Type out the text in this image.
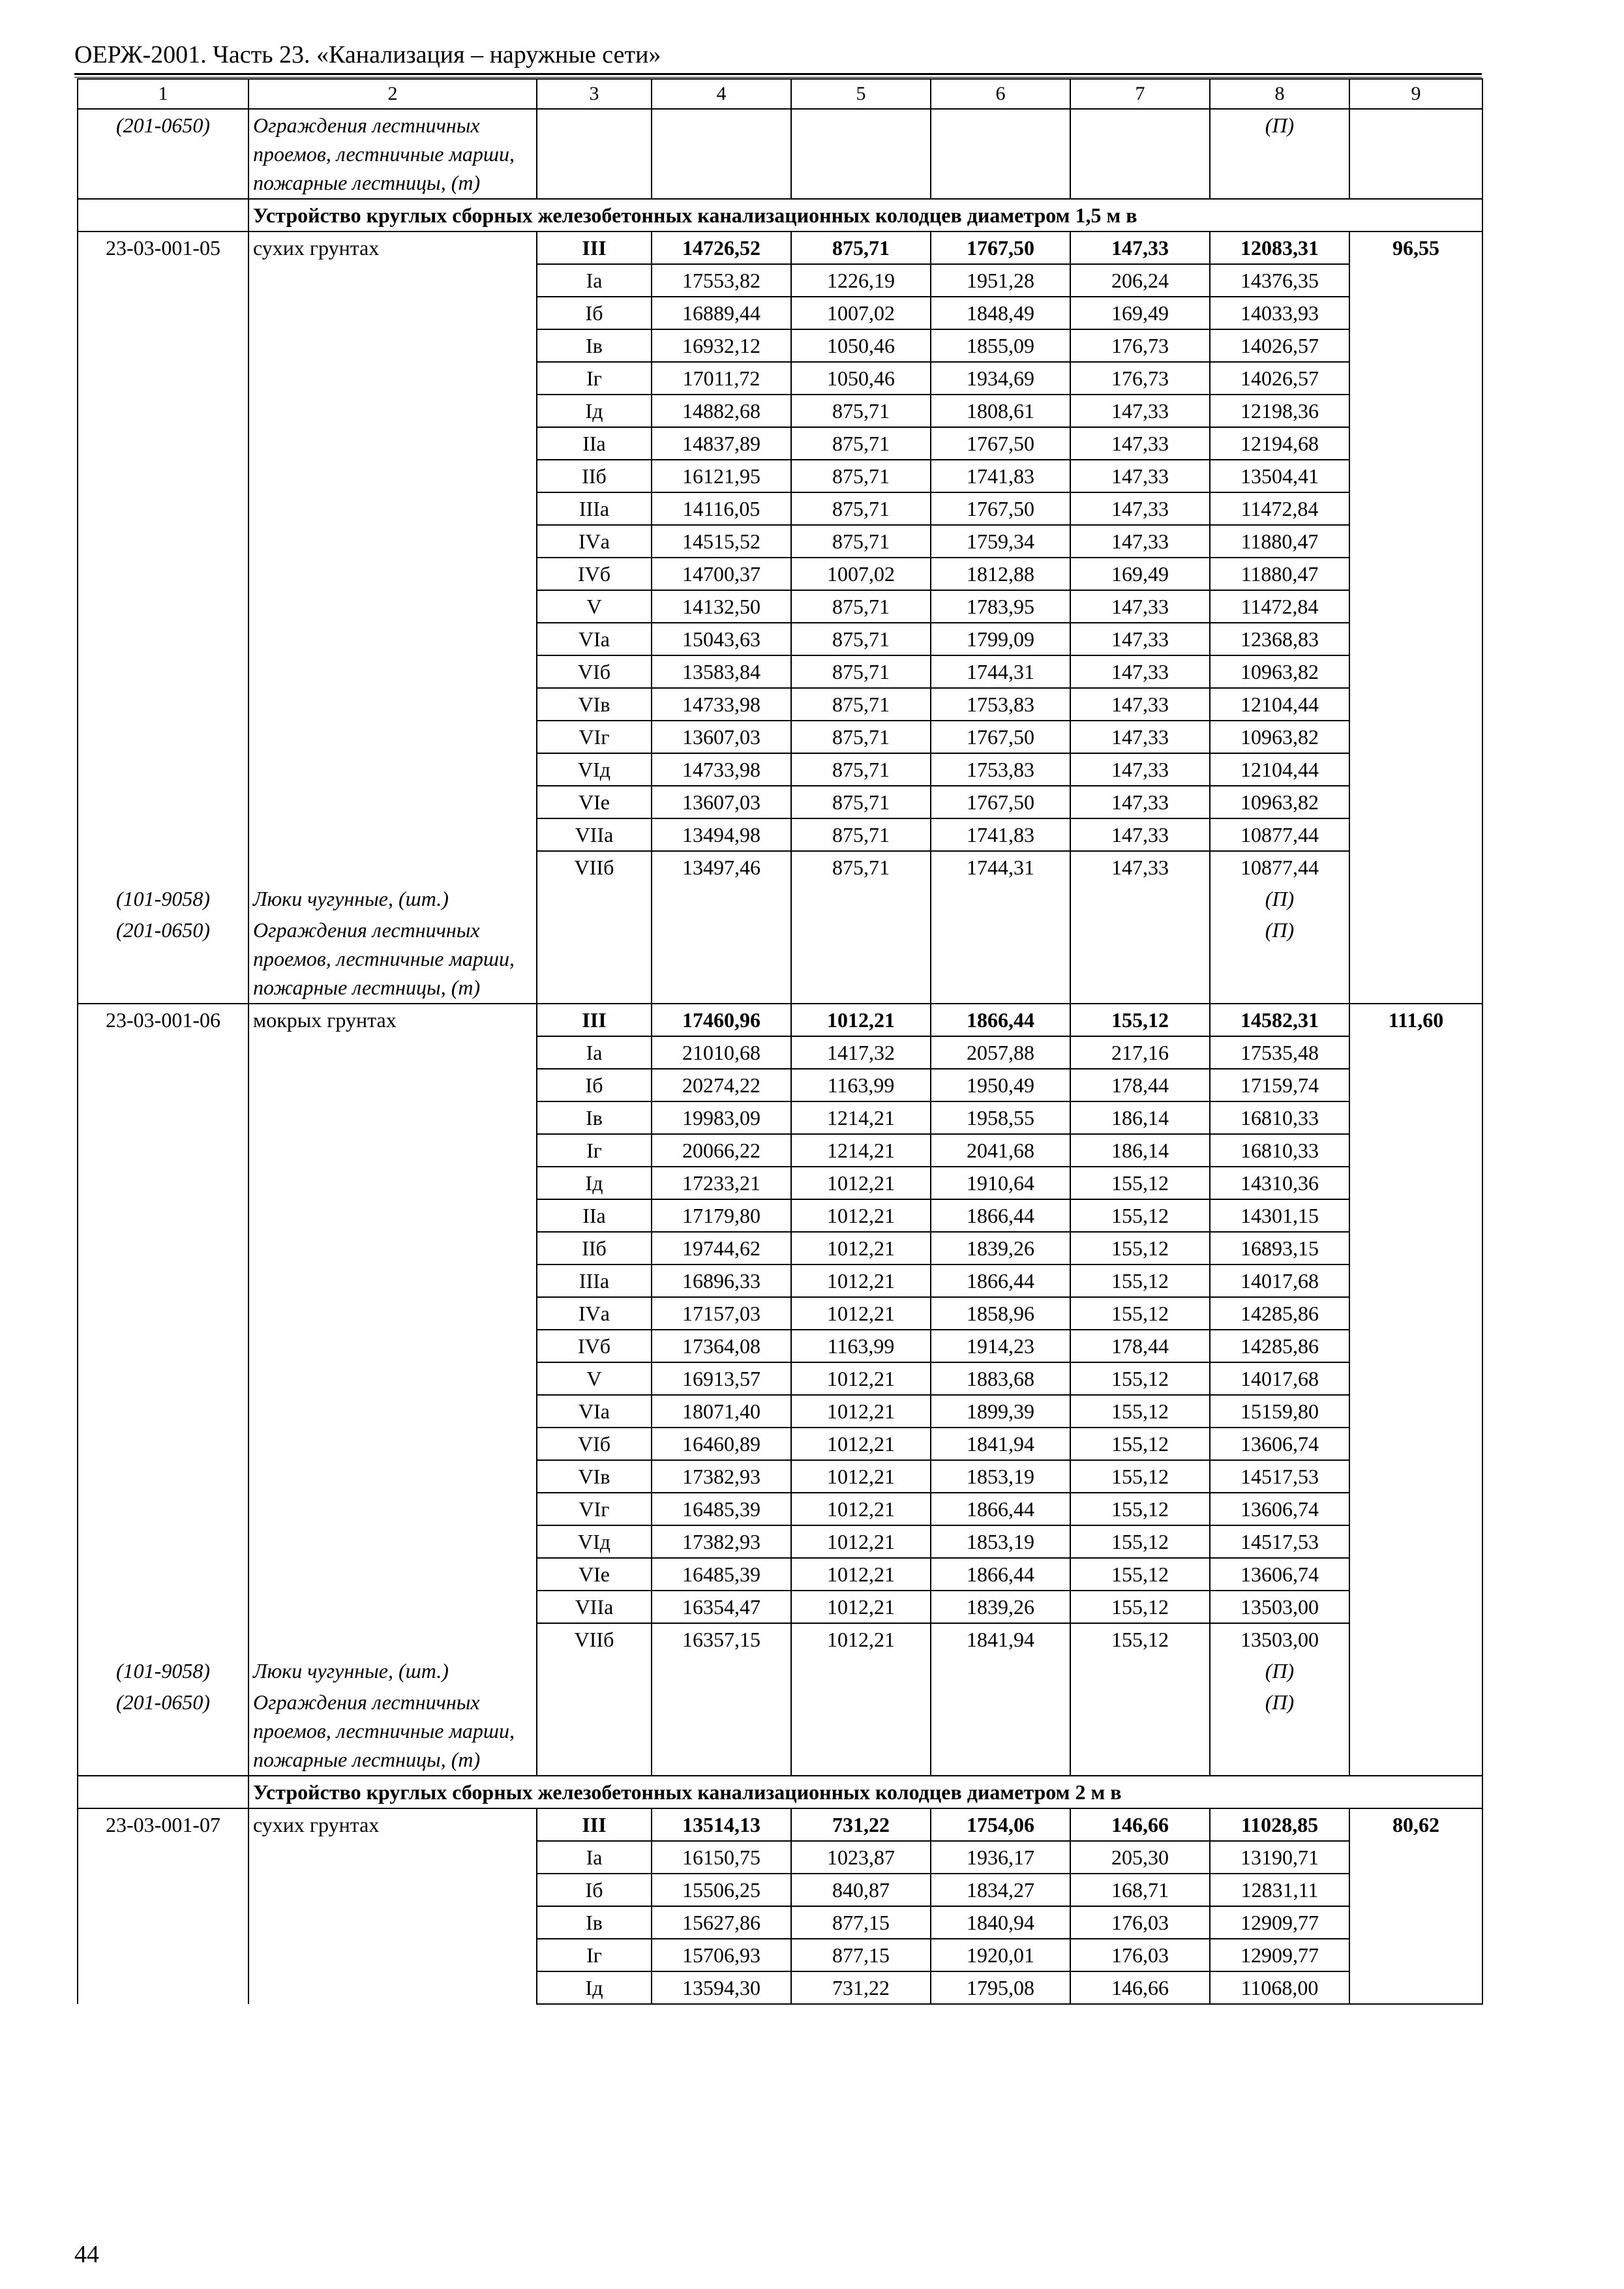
ОЕРЖ-2001. Часть 23. «Канализация – наружные сети»
1	2	3	4	5	6	7	8	9
(201-0650)	Ограждения лестничных проемов, лестничные марши, пожарные лестницы, (т)						(П)	
	Устройство круглых сборных железобетонных канализационных колодцев диаметром 1,5 м в							
23-03-001-05	сухих грунтах	III	14726,52	875,71	1767,50	147,33	12083,31	96,55
		Iа	17553,82	1226,19	1951,28	206,24	14376,35	
		Iб	16889,44	1007,02	1848,49	169,49	14033,93	
		Iв	16932,12	1050,46	1855,09	176,73	14026,57	
		Iг	17011,72	1050,46	1934,69	176,73	14026,57	
		Iд	14882,68	875,71	1808,61	147,33	12198,36	
		IIа	14837,89	875,71	1767,50	147,33	12194,68	
		IIб	16121,95	875,71	1741,83	147,33	13504,41	
		IIIа	14116,05	875,71	1767,50	147,33	11472,84	
		IVа	14515,52	875,71	1759,34	147,33	11880,47	
		IVб	14700,37	1007,02	1812,88	169,49	11880,47	
		V	14132,50	875,71	1783,95	147,33	11472,84	
		VIа	15043,63	875,71	1799,09	147,33	12368,83	
		VIб	13583,84	875,71	1744,31	147,33	10963,82	
		VIв	14733,98	875,71	1753,83	147,33	12104,44	
		VIг	13607,03	875,71	1767,50	147,33	10963,82	
		VIд	14733,98	875,71	1753,83	147,33	12104,44	
		VIе	13607,03	875,71	1767,50	147,33	10963,82	
		VIIа	13494,98	875,71	1741,83	147,33	10877,44	
		VIIб	13497,46	875,71	1744,31	147,33	10877,44	
(101-9058)	Люки чугунные, (шт.)						(П)	
(201-0650)	Ограждения лестничных проемов, лестничные марши, пожарные лестницы, (т)						(П)	
23-03-001-06	мокрых грунтах	III	17460,96	1012,21	1866,44	155,12	14582,31	111,60
		Iа	21010,68	1417,32	2057,88	217,16	17535,48	
		Iб	20274,22	1163,99	1950,49	178,44	17159,74	
		Iв	19983,09	1214,21	1958,55	186,14	16810,33	
		Iг	20066,22	1214,21	2041,68	186,14	16810,33	
		Iд	17233,21	1012,21	1910,64	155,12	14310,36	
		IIа	17179,80	1012,21	1866,44	155,12	14301,15	
		IIб	19744,62	1012,21	1839,26	155,12	16893,15	
		IIIа	16896,33	1012,21	1866,44	155,12	14017,68	
		IVа	17157,03	1012,21	1858,96	155,12	14285,86	
		IVб	17364,08	1163,99	1914,23	178,44	14285,86	
		V	16913,57	1012,21	1883,68	155,12	14017,68	
		VIа	18071,40	1012,21	1899,39	155,12	15159,80	
		VIб	16460,89	1012,21	1841,94	155,12	13606,74	
		VIв	17382,93	1012,21	1853,19	155,12	14517,53	
		VIг	16485,39	1012,21	1866,44	155,12	13606,74	
		VIд	17382,93	1012,21	1853,19	155,12	14517,53	
		VIе	16485,39	1012,21	1866,44	155,12	13606,74	
		VIIа	16354,47	1012,21	1839,26	155,12	13503,00	
		VIIб	16357,15	1012,21	1841,94	155,12	13503,00	
(101-9058)	Люки чугунные, (шт.)						(П)	
(201-0650)	Ограждения лестничных проемов, лестничные марши, пожарные лестницы, (т)						(П)	
	Устройство круглых сборных железобетонных канализационных колодцев диаметром 2 м в							
23-03-001-07	сухих грунтах	III	13514,13	731,22	1754,06	146,66	11028,85	80,62
		Iа	16150,75	1023,87	1936,17	205,30	13190,71	
		Iб	15506,25	840,87	1834,27	168,71	12831,11	
		Iв	15627,86	877,15	1840,94	176,03	12909,77	
		Iг	15706,93	877,15	1920,01	176,03	12909,77	
		Iд	13594,30	731,22	1795,08	146,66	11068,00	
44
